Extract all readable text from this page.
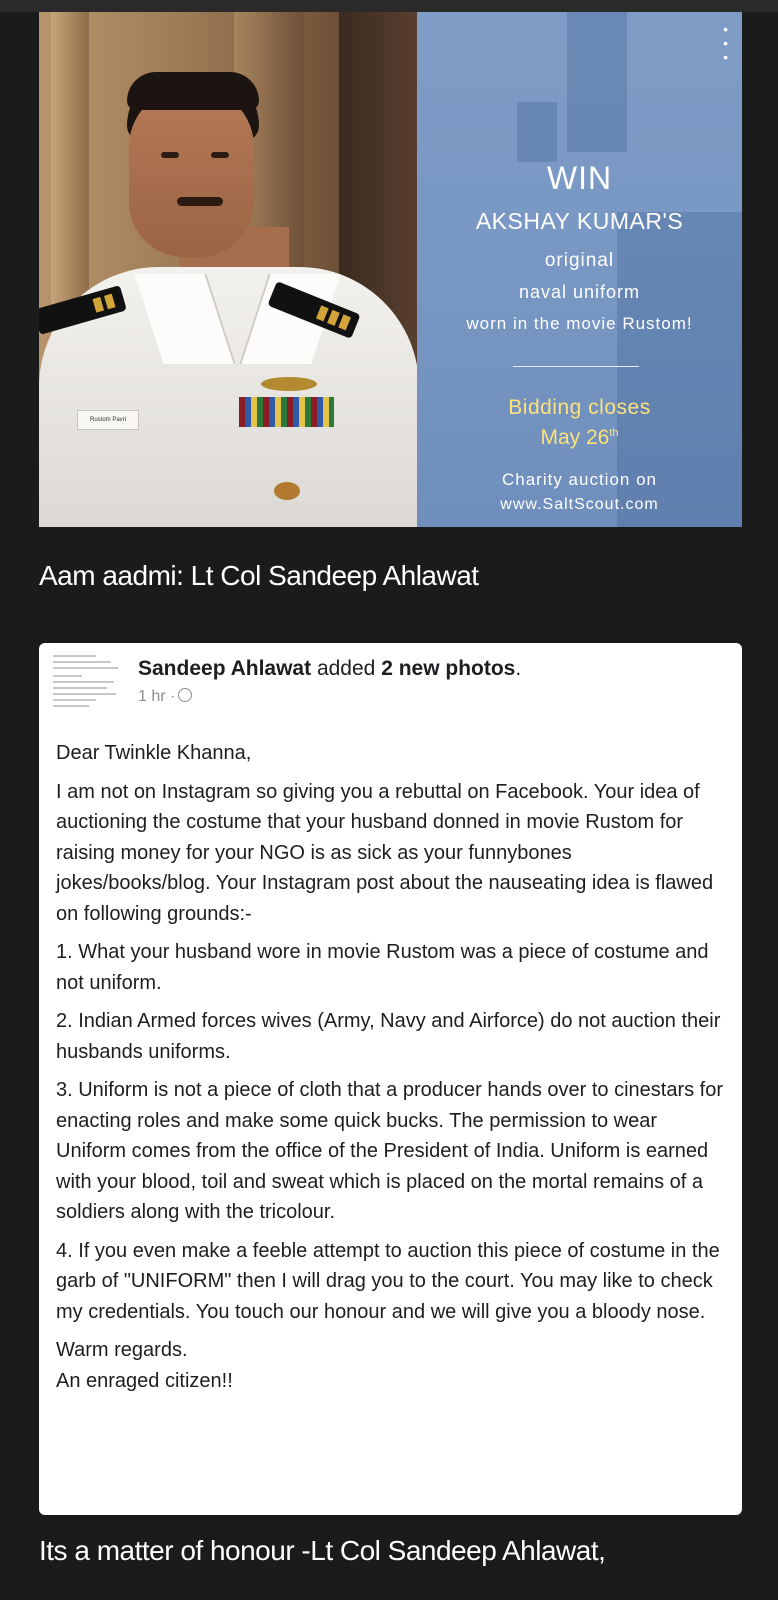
Rustom Pavri
•
•
•
WIN
AKSHAY KUMAR'S
original
naval uniform
worn in the movie Rustom!
Bidding closes
May 26th
Charity auction on
www.SaltScout.com
Aam aadmi: Lt Col Sandeep Ahlawat
Sandeep Ahlawat added 2 new photos.
1 hr ·

Dear Twinkle Khanna,

I am not on Instagram so giving you a rebuttal on Facebook. Your idea of auctioning the costume that your husband donned in movie Rustom for raising money for your NGO is as sick as your funnybones jokes/books/blog. Your Instagram post about the nauseating idea is flawed on following grounds:-

1. What your husband wore in movie Rustom was a piece of costume and not uniform.

2. Indian Armed forces wives (Army, Navy and Airforce) do not auction their husbands uniforms.

3. Uniform is not a piece of cloth that a producer hands over to cinestars for enacting roles and make some quick bucks. The permission to wear Uniform comes from the office of the President of India. Uniform is earned with your blood, toil and sweat which is placed on the mortal remains of a soldiers along with the tricolour.

4. If you even make a feeble attempt to auction this piece of costume in the garb of "UNIFORM" then I will drag you to the court. You may like to check my credentials. You touch our honour and we will give you a bloody nose.

Warm regards.

An enraged citizen!!

Its a matter of honour -Lt Col Sandeep Ahlawat,
